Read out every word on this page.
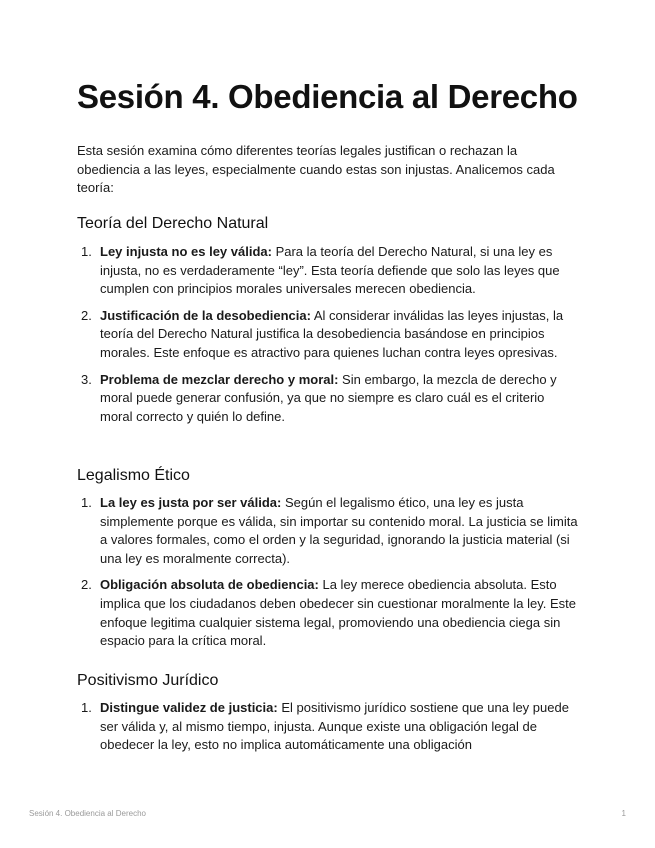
Sesión 4. Obediencia al Derecho

Esta sesión examina cómo diferentes teorías legales justifican o rechazan la obediencia a las leyes, especialmente cuando estas son injustas. Analicemos cada teoría:

Teoría del Derecho Natural
1. Ley injusta no es ley válida: Para la teoría del Derecho Natural, si una ley es injusta, no es verdaderamente “ley”. Esta teoría defiende que solo las leyes que cumplen con principios morales universales merecen obediencia.
2. Justificación de la desobediencia: Al considerar inválidas las leyes injustas, la teoría del Derecho Natural justifica la desobediencia basándose en principios morales. Este enfoque es atractivo para quienes luchan contra leyes opresivas.
3. Problema de mezclar derecho y moral: Sin embargo, la mezcla de derecho y moral puede generar confusión, ya que no siempre es claro cuál es el criterio moral correcto y quién lo define.
Legalismo Ético
1. La ley es justa por ser válida: Según el legalismo ético, una ley es justa simplemente porque es válida, sin importar su contenido moral. La justicia se limita a valores formales, como el orden y la seguridad, ignorando la justicia material (si una ley es moralmente correcta).
2. Obligación absoluta de obediencia: La ley merece obediencia absoluta. Esto implica que los ciudadanos deben obedecer sin cuestionar moralmente la ley. Este enfoque legitima cualquier sistema legal, promoviendo una obediencia ciega sin espacio para la crítica moral.
Positivismo Jurídico
1. Distingue validez de justicia: El positivismo jurídico sostiene que una ley puede ser válida y, al mismo tiempo, injusta. Aunque existe una obligación legal de obedecer la ley, esto no implica automáticamente una obligación
Sesión 4. Obediencia al Derecho	1
